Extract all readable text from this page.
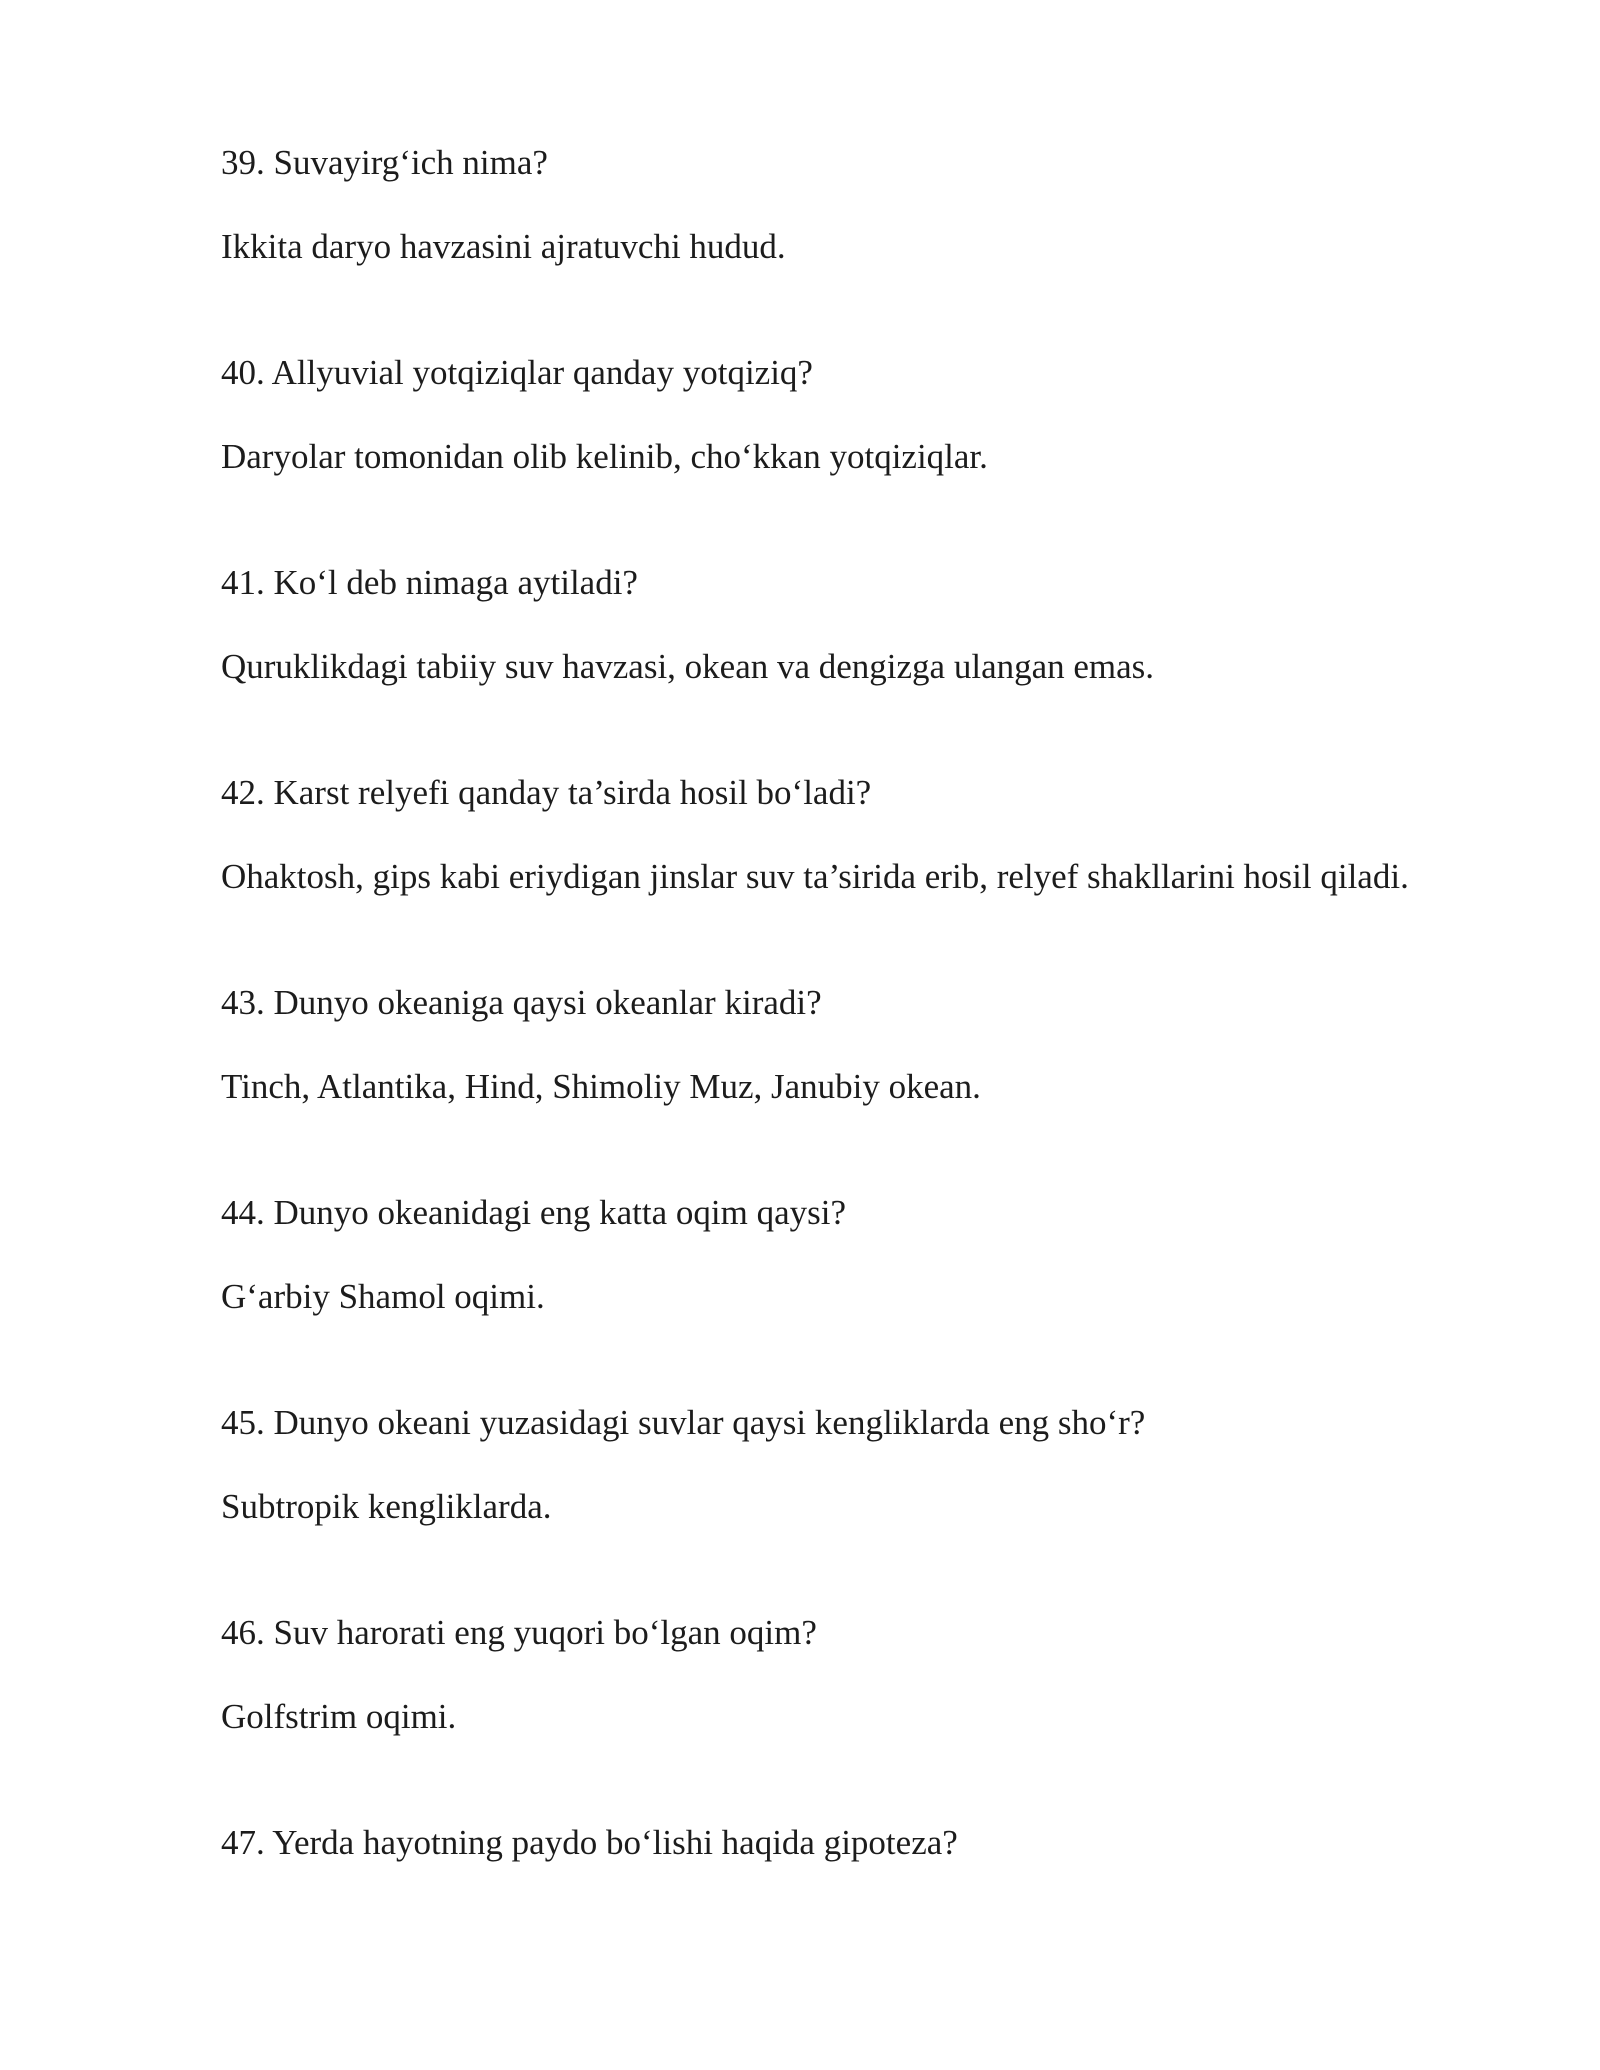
39. Suvayirg‘ich nima?

Ikkita daryo havzasini ajratuvchi hudud.

40. Allyuvial yotqiziqlar qanday yotqiziq?

Daryolar tomonidan olib kelinib, cho‘kkan yotqiziqlar.

41. Ko‘l deb nimaga aytiladi?

Quruklikdagi tabiiy suv havzasi, okean va dengizga ulangan emas.

42. Karst relyefi qanday ta’sirda hosil bo‘ladi?

Ohaktosh, gips kabi eriydigan jinslar suv ta’sirida erib, relyef shakllarini hosil qiladi.

43. Dunyo okeaniga qaysi okeanlar kiradi?

Tinch, Atlantika, Hind, Shimoliy Muz, Janubiy okean.

44. Dunyo okeanidagi eng katta oqim qaysi?

G‘arbiy Shamol oqimi.

45. Dunyo okeani yuzasidagi suvlar qaysi kengliklarda eng sho‘r?

Subtropik kengliklarda.

46. Suv harorati eng yuqori bo‘lgan oqim?

Golfstrim oqimi.

47. Yerda hayotning paydo bo‘lishi haqida gipoteza?
